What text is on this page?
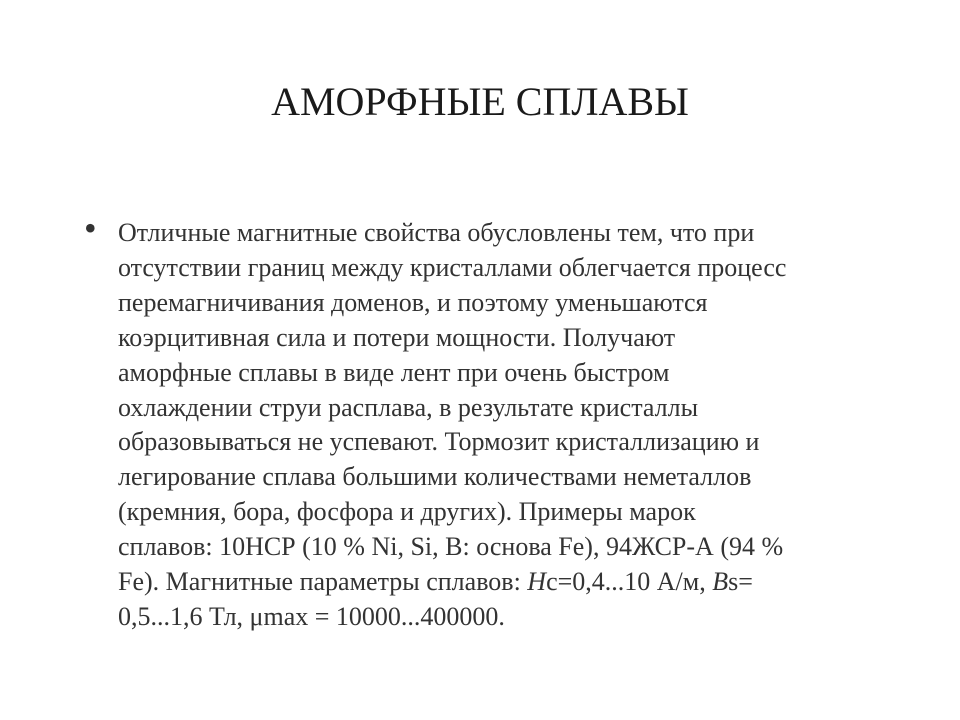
АМОРФНЫЕ СПЛАВЫ
• Отличные магнитные свойства обусловлены тем, что при
отсутствии границ между кристаллами облегчается процесс
перемагничивания доменов, и поэтому уменьшаются
коэрцитивная сила и потери мощности. Получают
аморфные сплавы в виде лент при очень быстром
охлаждении струи расплава, в результате кристаллы
образовываться не успевают. Тормозит кристаллизацию и
легирование сплава большими количествами неметаллов
(кремния, бора, фосфора и других). Примеры марок
сплавов: 10НСР (10 % Ni, Si, B: основа Fe), 94ЖСР-А (94 %
Fe). Магнитные параметры сплавов: Hc=0,4...10 А/м, Bs=
0,5...1,6 Тл, μmax = 10000...400000.
